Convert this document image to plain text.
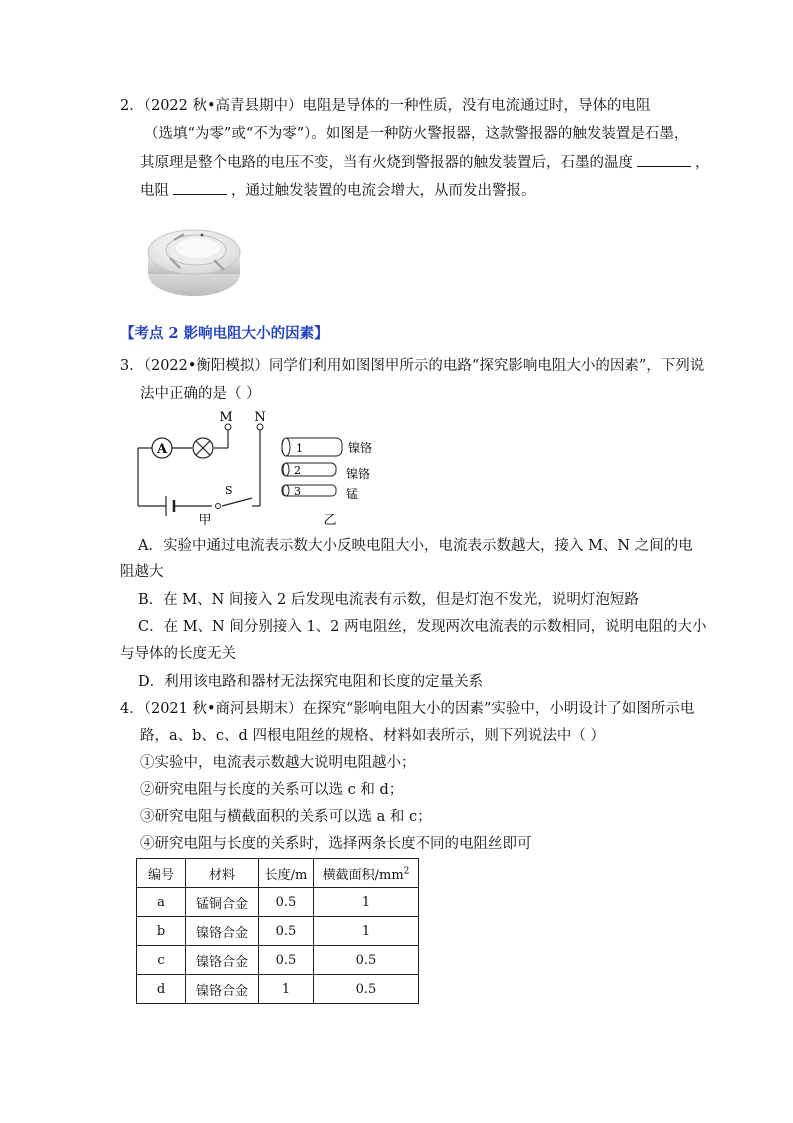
2．（2022 秋•高青县期中）电阻是导体的一种性质，没有电流通过时，导体的电阻
（选填“为零”或“不为零”）。如图是一种防火警报器，这款警报器的触发装置是石墨，
其原理是整个电路的电压不变，当有火烧到警报器的触发装置后，石墨的温度	，
电阻	，通过触发装置的电流会增大，从而发出警报。
【考点 2 影响电阻大小的因素】
3．（2022•衡阳模拟）同学们利用如图图甲所示的电路“探究影响电阻大小的因素”，下列说
法中正确的是（ ）
A
M N
S
甲
1	镍铬
2	镍铬
3	锰
乙
A．实验中通过电流表示数大小反映电阻大小，电流表示数越大，接入 M、N 之间的电
阻越大
B．在 M、N 间接入 2 后发现电流表有示数，但是灯泡不发光，说明灯泡短路
C．在 M、N 间分别接入 1、2 两电阻丝，发现两次电流表的示数相同，说明电阻的大小
与导体的长度无关
D．利用该电路和器材无法探究电阻和长度的定量关系
4．（2021 秋•商河县期末）在探究“影响电阻大小的因素”实验中，小明设计了如图所示电
路，a、b、c、d 四根电阻丝的规格、材料如表所示，则下列说法中（ ）
①实验中，电流表示数越大说明电阻越小；
②研究电阻与长度的关系可以选 c 和 d；
③研究电阻与横截面积的关系可以选 a 和 c；
④研究电阻与长度的关系时，选择两条长度不同的电阻丝即可
编号	材料	长度/m	横截面积$/mm^2$
a	锰铜合金	0.5	1
b	镍铬合金	0.5	1
c	镍铬合金	0.5	0.5
d	镍铬合金	1	0.5
